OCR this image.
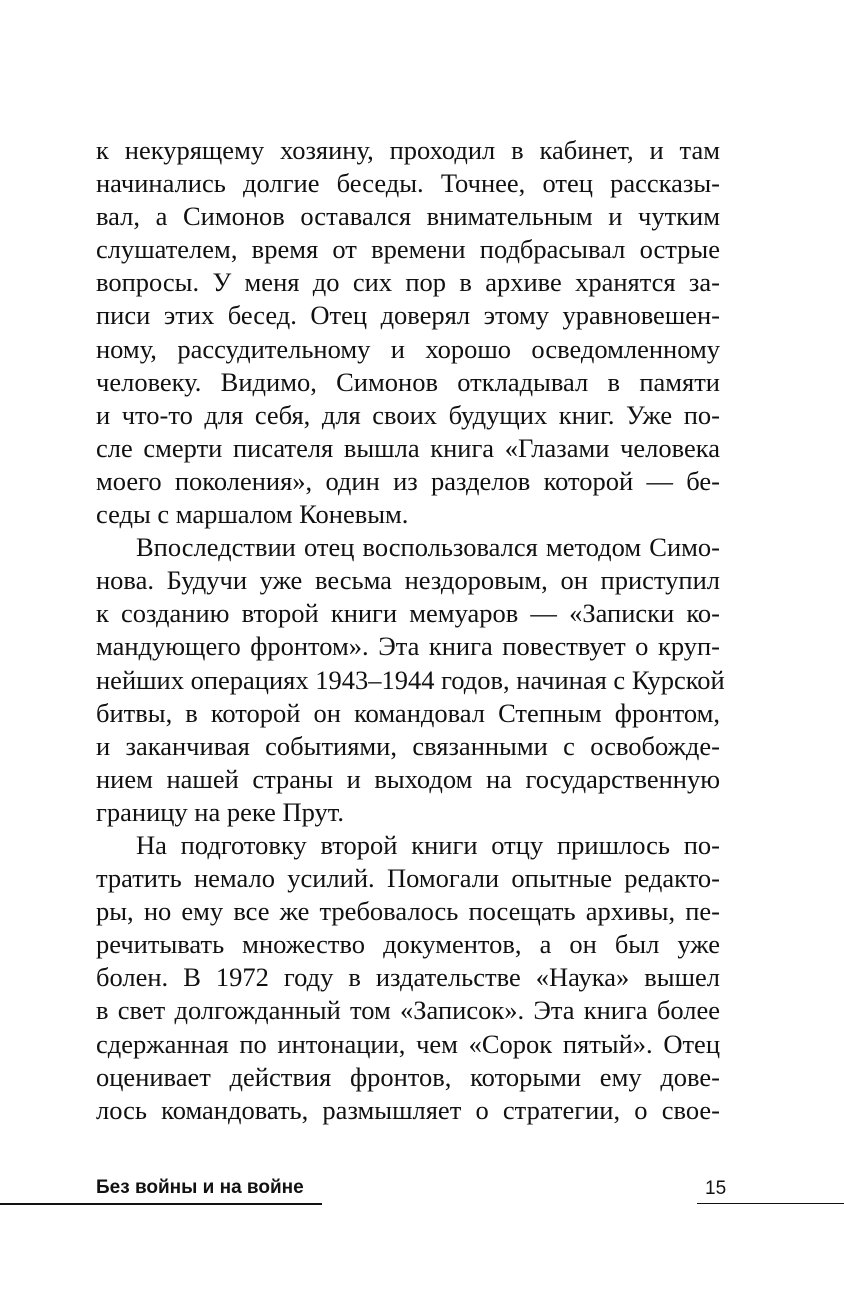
к некурящему хозяину, проходил в кабинет, и там
начинались долгие беседы. Точнее, отец рассказы-
вал, а Симонов оставался внимательным и чутким
слушателем, время от времени подбрасывал острые
вопросы. У меня до сих пор в архиве хранятся за-
писи этих бесед. Отец доверял этому уравновешен-
ному, рассудительному и хорошо осведомленному
человеку. Видимо, Симонов откладывал в памяти
и что-то для себя, для своих будущих книг. Уже по-
сле смерти писателя вышла книга «Глазами человека
моего поколения», один из разделов которой — бе-
седы с маршалом Коневым.
Впоследствии отец воспользовался методом Симо-
нова. Будучи уже весьма нездоровым, он приступил
к созданию второй книги мемуаров — «Записки ко-
мандующего фронтом». Эта книга повествует о круп-
нейших операциях 1943–1944 годов, начиная с Курской
битвы, в которой он командовал Степным фронтом,
и заканчивая событиями, связанными с освобожде-
нием нашей страны и выходом на государственную
границу на реке Прут.
На подготовку второй книги отцу пришлось по-
тратить немало усилий. Помогали опытные редакто-
ры, но ему все же требовалось посещать архивы, пе-
речитывать множество документов, а он был уже
болен. В 1972 году в издательстве «Наука» вышел
в свет долгожданный том «Записок». Эта книга более
сдержанная по интонации, чем «Сорок пятый». Отец
оценивает действия фронтов, которыми ему дове-
лось командовать, размышляет о стратегии, о свое-
Без войны и на войне	15
